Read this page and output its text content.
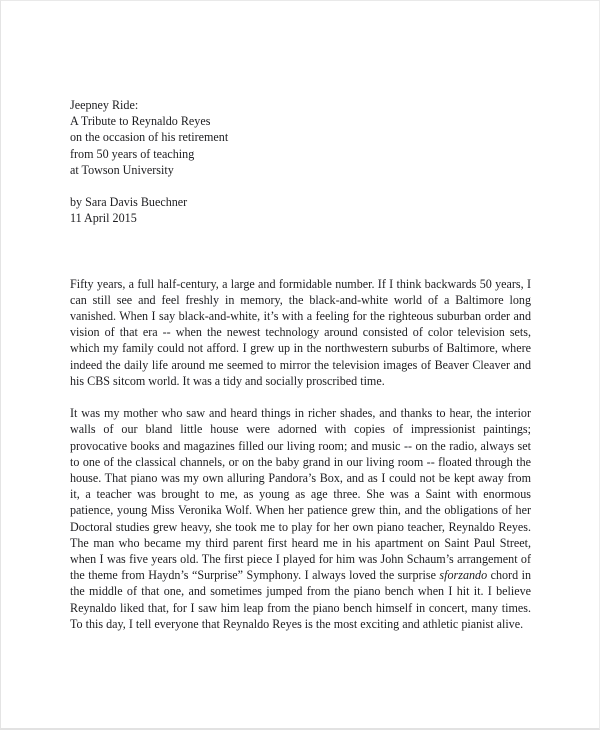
Jeepney Ride:
A Tribute to Reynaldo Reyes
on the occasion of his retirement
from 50 years of teaching
at Towson University
by Sara Davis Buechner
11 April 2015

Fifty years, a full half-century, a large and formidable number. If I think backwards 50 years, I can still see and feel freshly in memory, the black-and-white world of a Baltimore long vanished. When I say black-and-white, it’s with a feeling for the righteous suburban order and vision of that era -- when the newest technology around consisted of color television sets, which my family could not afford. I grew up in the northwestern suburbs of Baltimore, where indeed the daily life around me seemed to mirror the television images of Beaver Cleaver and his CBS sitcom world. It was a tidy and socially proscribed time.

It was my mother who saw and heard things in richer shades, and thanks to hear, the interior walls of our bland little house were adorned with copies of impressionist paintings; provocative books and magazines filled our living room; and music -- on the radio, always set to one of the classical channels, or on the baby grand in our living room -- floated through the house. That piano was my own alluring Pandora’s Box, and as I could not be kept away from it, a teacher was brought to me, as young as age three. She was a Saint with enormous patience, young Miss Veronika Wolf. When her patience grew thin, and the obligations of her Doctoral studies grew heavy, she took me to play for her own piano teacher, Reynaldo Reyes. The man who became my third parent first heard me in his apartment on Saint Paul Street, when I was five years old. The first piece I played for him was John Schaum’s arrangement of the theme from Haydn’s “Surprise” Symphony. I always loved the surprise sforzando chord in the middle of that one, and sometimes jumped from the piano bench when I hit it. I believe Reynaldo liked that, for I saw him leap from the piano bench himself in concert, many times. To this day, I tell everyone that Reynaldo Reyes is the most exciting and athletic pianist alive.
